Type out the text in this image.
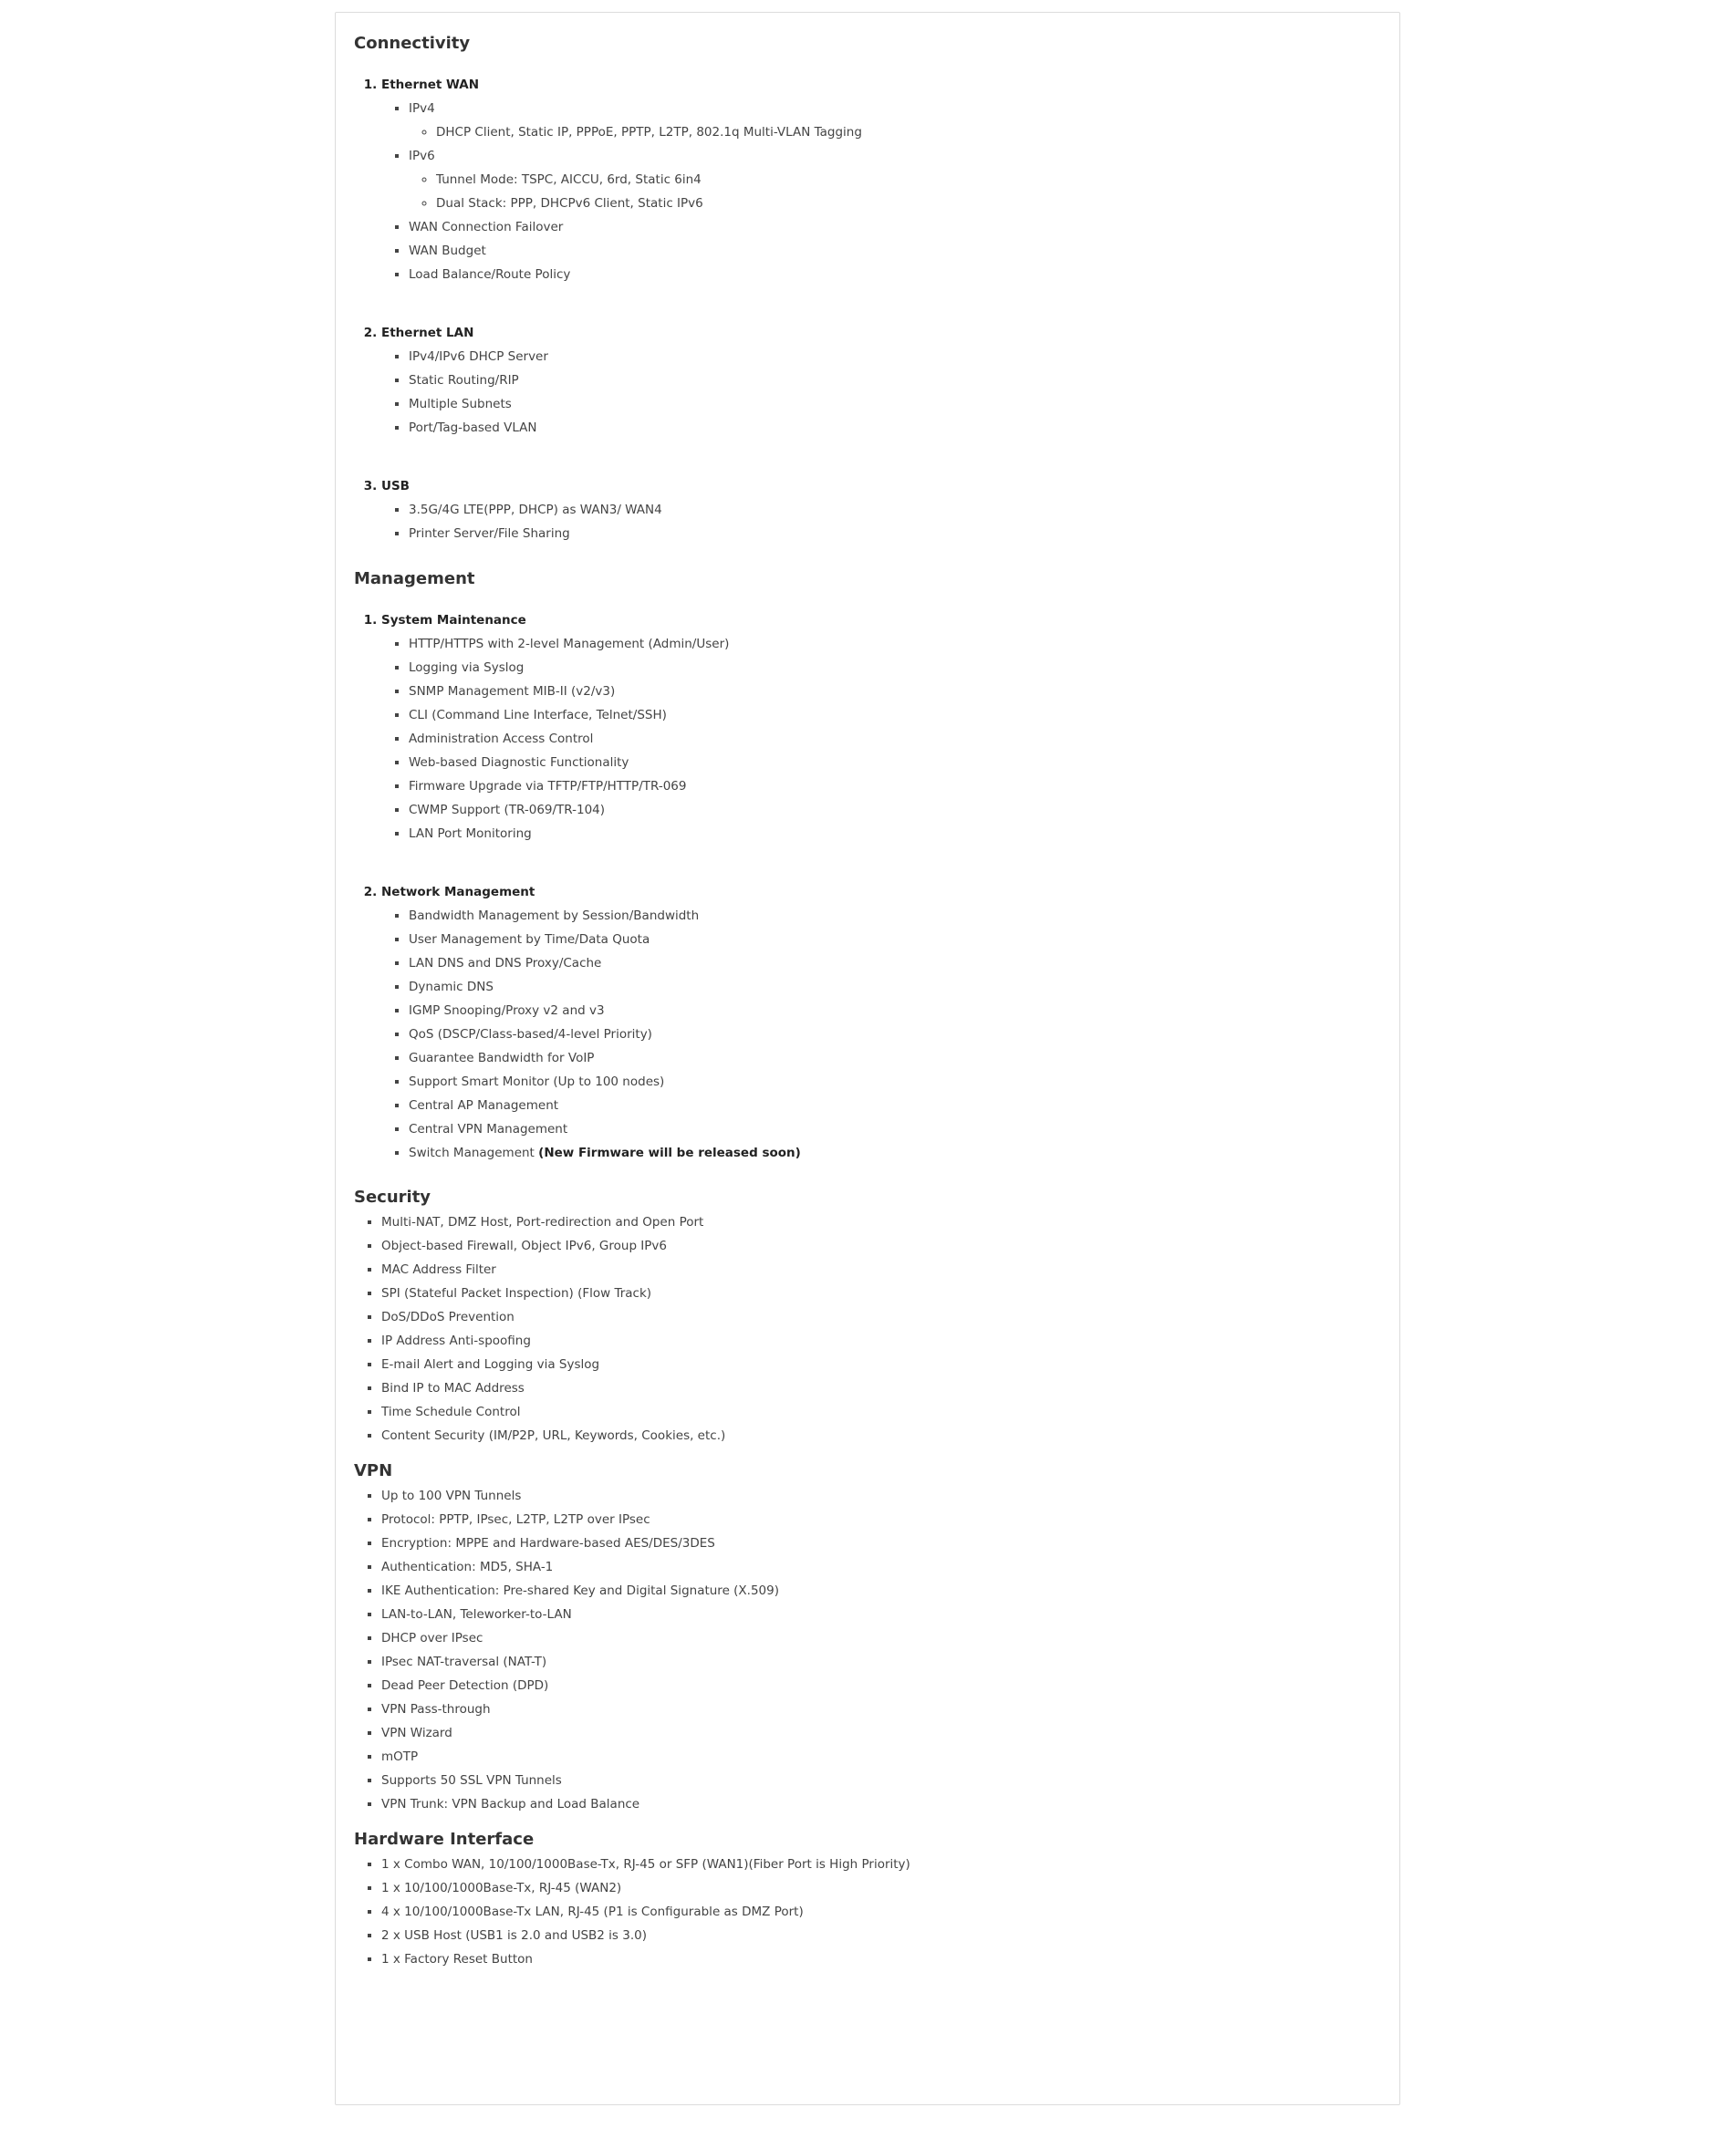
Connectivity
1. Ethernet WAN
▪ IPv4
◦ DHCP Client, Static IP, PPPoE, PPTP, L2TP, 802.1q Multi-VLAN Tagging
▪ IPv6
◦ Tunnel Mode: TSPC, AICCU, 6rd, Static 6in4
◦ Dual Stack: PPP, DHCPv6 Client, Static IPv6
▪ WAN Connection Failover
▪ WAN Budget
▪ Load Balance/Route Policy
2. Ethernet LAN
▪ IPv4/IPv6 DHCP Server
▪ Static Routing/RIP
▪ Multiple Subnets
▪ Port/Tag-based VLAN
3. USB
▪ 3.5G/4G LTE(PPP, DHCP) as WAN3/ WAN4
▪ Printer Server/File Sharing
Management
1. System Maintenance
▪ HTTP/HTTPS with 2-level Management (Admin/User)
▪ Logging via Syslog
▪ SNMP Management MIB-II (v2/v3)
▪ CLI (Command Line Interface, Telnet/SSH)
▪ Administration Access Control
▪ Web-based Diagnostic Functionality
▪ Firmware Upgrade via TFTP/FTP/HTTP/TR-069
▪ CWMP Support (TR-069/TR-104)
▪ LAN Port Monitoring
2. Network Management
▪ Bandwidth Management by Session/Bandwidth
▪ User Management by Time/Data Quota
▪ LAN DNS and DNS Proxy/Cache
▪ Dynamic DNS
▪ IGMP Snooping/Proxy v2 and v3
▪ QoS (DSCP/Class-based/4-level Priority)
▪ Guarantee Bandwidth for VoIP
▪ Support Smart Monitor (Up to 100 nodes)
▪ Central AP Management
▪ Central VPN Management
▪ Switch Management (New Firmware will be released soon)
Security
▪ Multi-NAT, DMZ Host, Port-redirection and Open Port
▪ Object-based Firewall, Object IPv6, Group IPv6
▪ MAC Address Filter
▪ SPI (Stateful Packet Inspection) (Flow Track)
▪ DoS/DDoS Prevention
▪ IP Address Anti-spoofing
▪ E-mail Alert and Logging via Syslog
▪ Bind IP to MAC Address
▪ Time Schedule Control
▪ Content Security (IM/P2P, URL, Keywords, Cookies, etc.)
VPN
▪ Up to 100 VPN Tunnels
▪ Protocol: PPTP, IPsec, L2TP, L2TP over IPsec
▪ Encryption: MPPE and Hardware-based AES/DES/3DES
▪ Authentication: MD5, SHA-1
▪ IKE Authentication: Pre-shared Key and Digital Signature (X.509)
▪ LAN-to-LAN, Teleworker-to-LAN
▪ DHCP over IPsec
▪ IPsec NAT-traversal (NAT-T)
▪ Dead Peer Detection (DPD)
▪ VPN Pass-through
▪ VPN Wizard
▪ mOTP
▪ Supports 50 SSL VPN Tunnels
▪ VPN Trunk: VPN Backup and Load Balance
Hardware Interface
▪ 1 x Combo WAN, 10/100/1000Base-Tx, RJ-45 or SFP (WAN1)(Fiber Port is High Priority)
▪ 1 x 10/100/1000Base-Tx, RJ-45 (WAN2)
▪ 4 x 10/100/1000Base-Tx LAN, RJ-45 (P1 is Configurable as DMZ Port)
▪ 2 x USB Host (USB1 is 2.0 and USB2 is 3.0)
▪ 1 x Factory Reset Button
